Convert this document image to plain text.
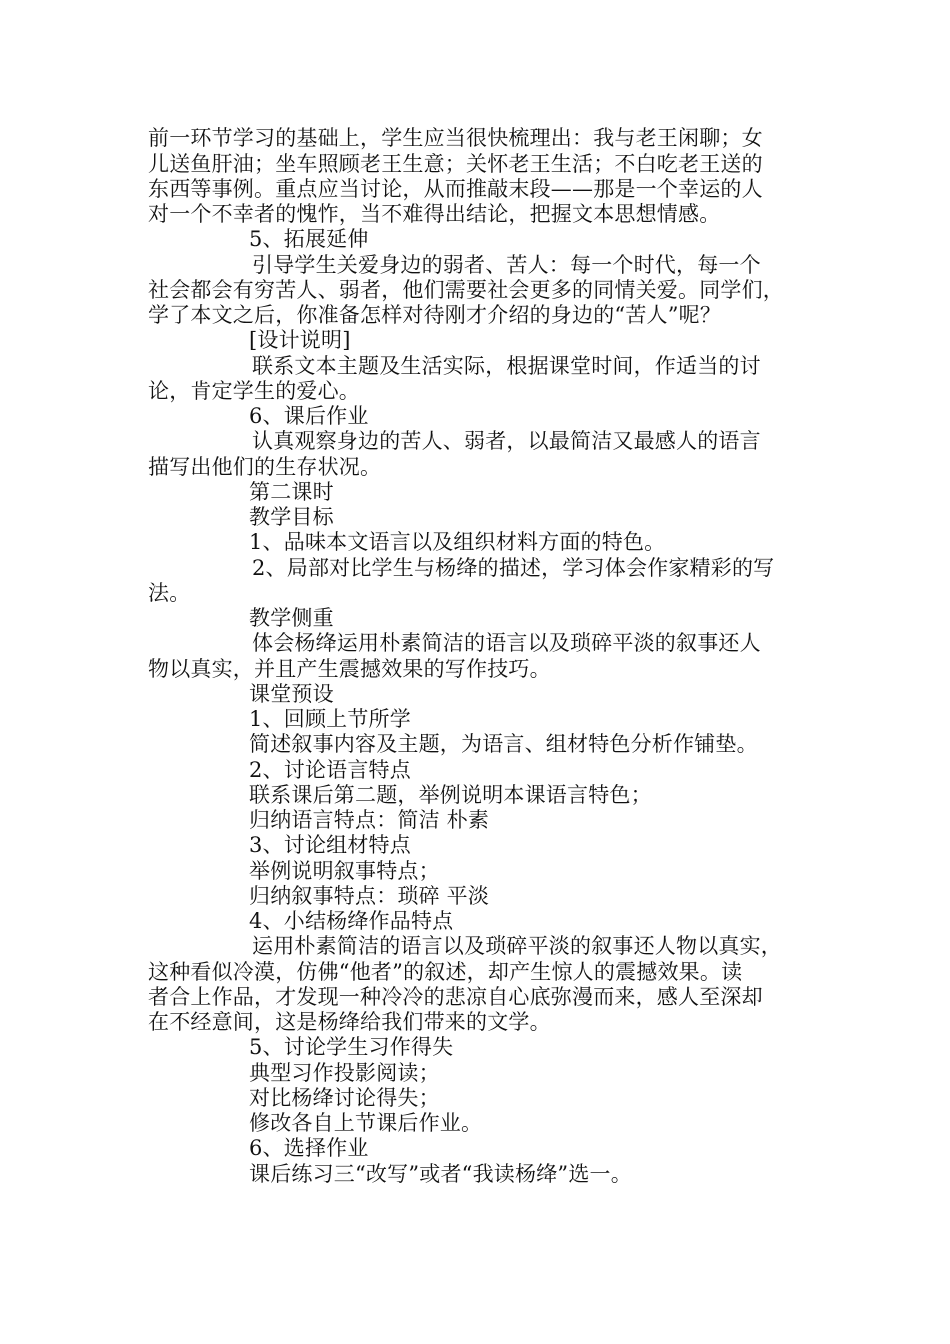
前一环节学习的基础上，学生应当很快梳理出：我与老王闲聊；女
儿送鱼肝油；坐车照顾老王生意；关怀老王生活；不白吃老王送的
东西等事例。重点应当讨论，从而推敲末段——那是一个幸运的人
对一个不幸者的愧怍，当不难得出结论，把握文本思想情感。
5、拓展延伸
引导学生关爱身边的弱者、苦人：每一个时代，每一个
社会都会有穷苦人、弱者，他们需要社会更多的同情关爱。同学们，
学了本文之后，你准备怎样对待刚才介绍的身边的“苦人”呢？
[设计说明]
联系文本主题及生活实际，根据课堂时间，作适当的讨
论，肯定学生的爱心。
6、课后作业
认真观察身边的苦人、弱者，以最简洁又最感人的语言
描写出他们的生存状况。
第二课时
教学目标
1、品味本文语言以及组织材料方面的特色。
2、局部对比学生与杨绛的描述，学习体会作家精彩的写
法。
教学侧重
体会杨绛运用朴素简洁的语言以及琐碎平淡的叙事还人
物以真实，并且产生震撼效果的写作技巧。
课堂预设
1、回顾上节所学
简述叙事内容及主题，为语言、组材特色分析作铺垫。
2、讨论语言特点
联系课后第二题，举例说明本课语言特色；
归纳语言特点：简洁 朴素
3、讨论组材特点
举例说明叙事特点；
归纳叙事特点：琐碎 平淡
4、小结杨绛作品特点
运用朴素简洁的语言以及琐碎平淡的叙事还人物以真实，
这种看似冷漠，仿佛“他者”的叙述，却产生惊人的震撼效果。读
者合上作品，才发现一种冷冷的悲凉自心底弥漫而来，感人至深却
在不经意间，这是杨绛给我们带来的文学。
5、讨论学生习作得失
典型习作投影阅读；
对比杨绛讨论得失；
修改各自上节课后作业。
6、选择作业
课后练习三“改写”或者“我读杨绛”选一。
